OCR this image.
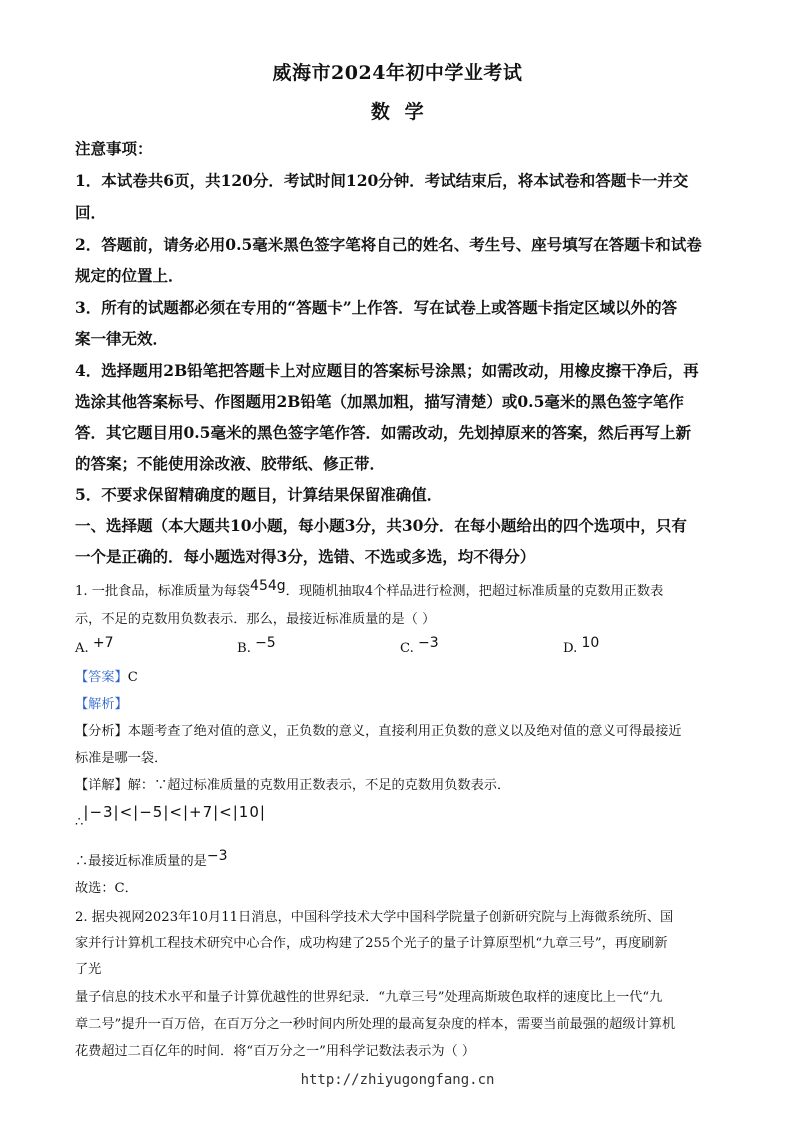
威海市2024年初中学业考试
数  学
注意事项：
1．本试卷共6页，共120分．考试时间120分钟．考试结束后，将本试卷和答题卡一并交
回．
2．答题前，请务必用0.5毫米黑色签字笔将自己的姓名、考生号、座号填写在答题卡和试卷
规定的位置上．
3．所有的试题都必须在专用的“答题卡”上作答．写在试卷上或答题卡指定区域以外的答
案一律无效．
4．选择题用2B铅笔把答题卡上对应题目的答案标号涂黑；如需改动，用橡皮擦干净后，再
选涂其他答案标号、作图题用2B铅笔（加黑加粗，描写清楚）或0.5毫米的黑色签字笔作
答．其它题目用0.5毫米的黑色签字笔作答．如需改动，先划掉原来的答案，然后再写上新
的答案；不能使用涂改液、胶带纸、修正带．
5．不要求保留精确度的题目，计算结果保留准确值．
一、选择题（本大题共10小题，每小题3分，共30分．在每小题给出的四个选项中，只有
一个是正确的．每小题选对得3分，选错、不选或多选，均不得分）
1. 一批食品，标准质量为每袋454g．现随机抽取4个样品进行检测，把超过标准质量的克数用正数表
示，不足的克数用负数表示．那么，最接近标准质量的是（ ）
A. +7	B. −5	C. −3	D. 10
【答案】C
【解析】
【分析】本题考查了绝对值的意义，正负数的意义，直接利用正负数的意义以及绝对值的意义可得最接近
标准是哪一袋．
【详解】解：∵超过标准质量的克数用正数表示，不足的克数用负数表示．
∴|−3|<|−5|<|+7|<|10|
∴最接近标准质量的是−3
故选：C．
2. 据央视网2023年10月11日消息，中国科学技术大学中国科学院量子创新研究院与上海微系统所、国
家并行计算机工程技术研究中心合作，成功构建了255个光子的量子计算原型机“九章三号”，再度刷新
了光
量子信息的技术水平和量子计算优越性的世界纪录．“九章三号”处理高斯玻色取样的速度比上一代“九
章二号”提升一百万倍，在百万分之一秒时间内所处理的最高复杂度的样本，需要当前最强的超级计算机
花费超过二百亿年的时间．将“百万分之一”用科学记数法表示为（ ）
http://zhiyugongfang.cn
